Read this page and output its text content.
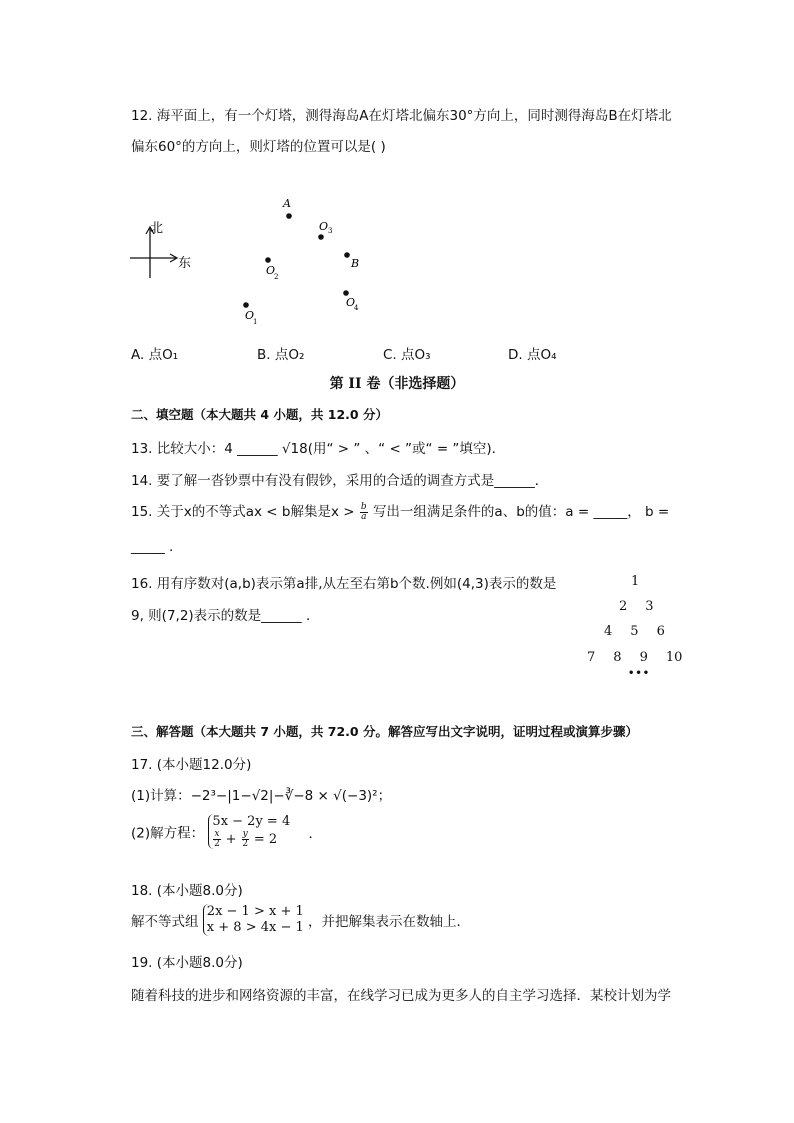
12. 海平面上，有一个灯塔，测得海岛A在灯塔北偏东30°方向上，同时测得海岛B在灯塔北
偏东60°的方向上，则灯塔的位置可以是( )
北
东
A
O 3
B
O
2
O
4
O
1
A. 点O₁	B. 点O₂	C. 点O₃	D. 点O₄
第 II 卷（非选择题）
二、填空题（本大题共 4 小题，共 12.0 分）
13. 比较大小：4 ______ √18(用“ > ” 、“ < ”或“ = ”填空)．
14. 要了解一沓钞票中有没有假钞，采用的合适的调查方式是______．
15. 关于x的不等式ax < b解集是$x > \frac{b}{a}$ 写出一组满足条件的a、b的值：a = _____， b =
_____ .
16. 用有序数对(a,b)表示第a排,从左至右第b个数.例如(4,3)表示的数是
9, 则(7,2)表示的数是______ ．
1
2 3
4 5 6
7 8 9 10
•••
三、解答题（本大题共 7 小题，共 72.0 分。解答应写出文字说明，证明过程或演算步骤）
17. (本小题12.0分)
(1)计算：−2³−|1−√2|−∛−8 × √(−3)²；
(2)解方程：
5x − 2y = 4
$\frac{x}{2} + \frac{y}{2} = 2$	．
18. (本小题8.0分)
解不等式组
2x − 1 > x + 1
x + 8 > 4x − 1 ，并把解集表示在数轴上．
19. (本小题8.0分)
随着科技的进步和网络资源的丰富，在线学习已成为更多人的自主学习选择．某校计划为学
